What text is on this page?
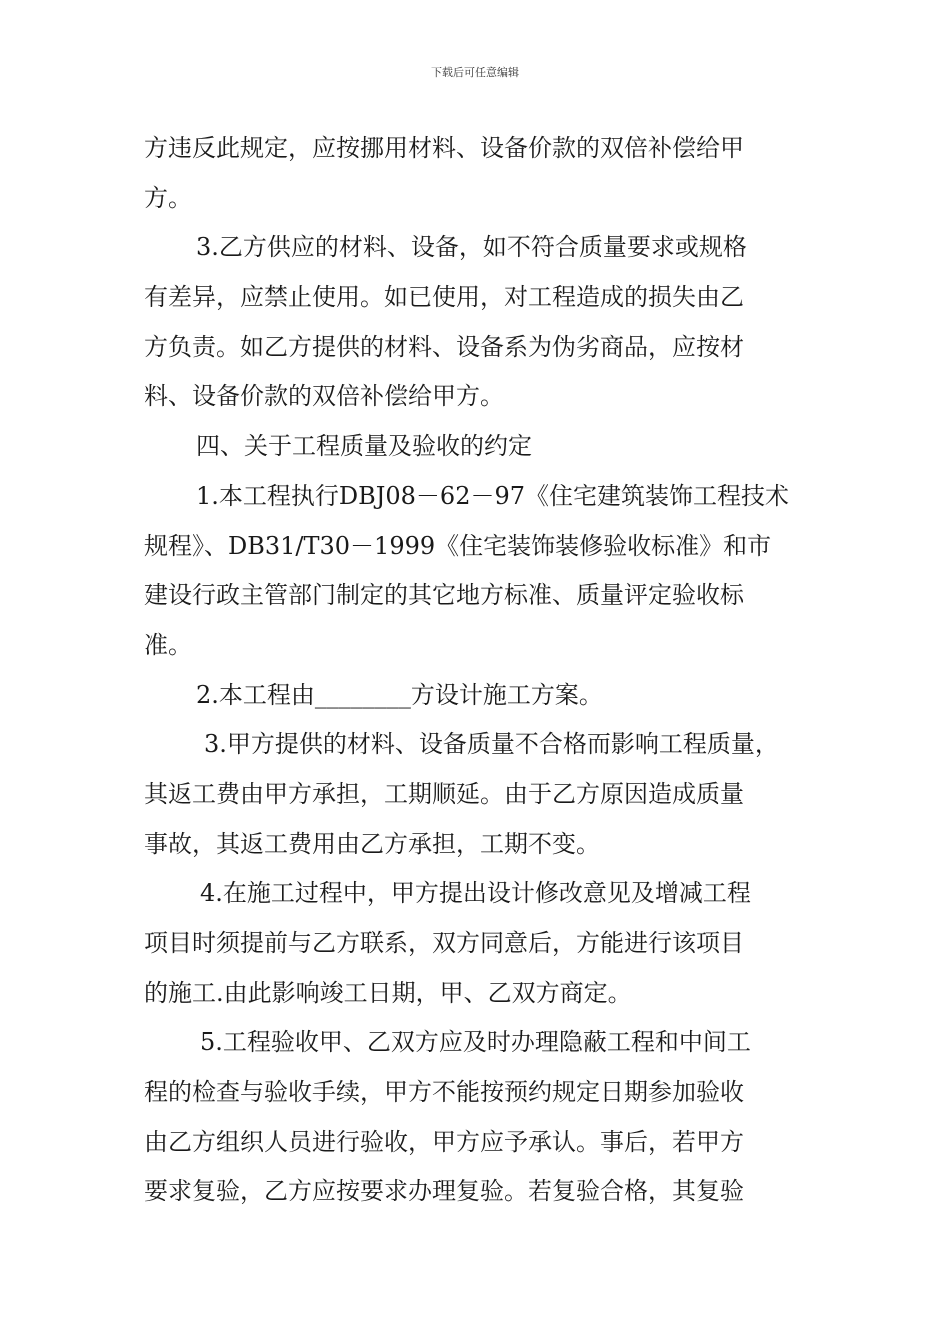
下载后可任意编辑
方违反此规定，应按挪用材料、设备价款的双倍补偿给甲
方。
3.乙方供应的材料、设备，如不符合质量要求或规格
有差异，应禁止使用。如已使用，对工程造成的损失由乙
方负责。如乙方提供的材料、设备系为伪劣商品，应按材
料、设备价款的双倍补偿给甲方。
四、关于工程质量及验收的约定
1.本工程执行DBJ08－62－97《住宅建筑装饰工程技术
规程》、DB31/T30－1999《住宅装饰装修验收标准》和市
建设行政主管部门制定的其它地方标准、质量评定验收标
准。
2.本工程由________方设计施工方案。
3.甲方提供的材料、设备质量不合格而影响工程质量，
其返工费由甲方承担，工期顺延。由于乙方原因造成质量
事故，其返工费用由乙方承担，工期不变。
4.在施工过程中，甲方提出设计修改意见及增减工程
项目时须提前与乙方联系，双方同意后，方能进行该项目
的施工.由此影响竣工日期，甲、乙双方商定。
5.工程验收甲、乙双方应及时办理隐蔽工程和中间工
程的检查与验收手续，甲方不能按预约规定日期参加验收
由乙方组织人员进行验收，甲方应予承认。事后，若甲方
要求复验，乙方应按要求办理复验。若复验合格，其复验
